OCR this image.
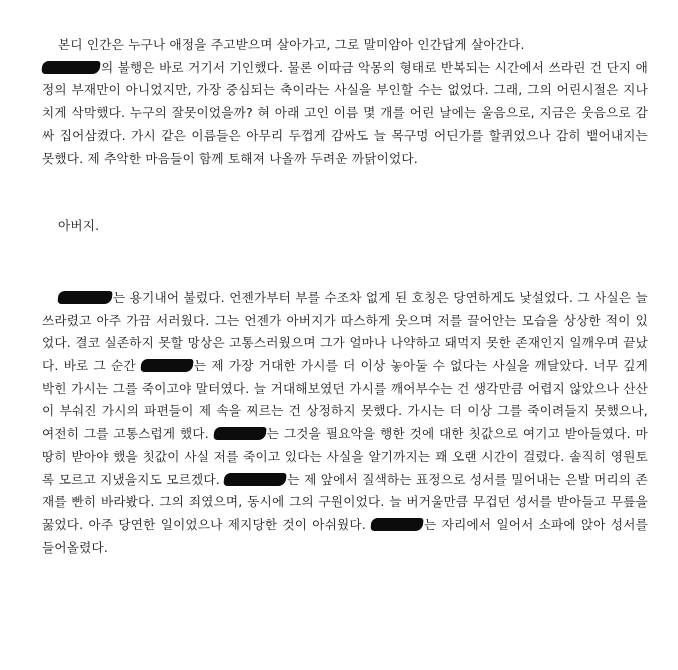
본디 인간은 누구나 애정을 주고받으며 살아가고, 그로 말미암아 인간답게 살아간다.
의 불행은 바로 거기서 기인했다. 물론 이따금 악몽의 형태로 반복되는 시간에서 쓰라린 건 단지 애정의 부재만이 아니었지만, 가장 중심되는 축이라는 사실을 부인할 수는 없었다. 그래, 그의 어린시절은 지나치게 삭막했다. 누구의 잘못이었을까? 혀 아래 고인 이름 몇 개를 어린 날에는 울음으로, 지금은 웃음으로 감싸 집어삼켰다. 가시 같은 이름들은 아무리 두껍게 감싸도 늘 목구멍 어딘가를 할퀴었으나 감히 뱉어내지는 못했다. 제 추악한 마음들이 함께 토해져 나올까 두려운 까닭이었다.

아버지.

는 용기내어 불렀다. 언젠가부터 부를 수조차 없게 된 호칭은 당연하게도 낯설었다. 그 사실은 늘 쓰라렸고 아주 가끔 서러웠다. 그는 언젠가 아버지가 따스하게 웃으며 저를 끌어안는 모습을 상상한 적이 있었다. 결코 실존하지 못할 망상은 고통스러웠으며 그가 얼마나 나약하고 돼먹지 못한 존재인지 일깨우며 끝났다. 바로 그 순간	는 제 가장 거대한 가시를 더 이상 놓아둘 수 없다는 사실을 깨달았다. 너무 깊게 박힌 가시는 그를 죽이고야 말터였다. 늘 거대해보였던 가시를 깨어부수는 건 생각만큼 어렵지 않았으나 산산이 부숴진 가시의 파편들이 제 속을 찌르는 건 상정하지 못했다. 가시는 더 이상 그를 죽이려들지 못했으나, 여전히 그를 고통스럽게 했다.	는 그것을 필요악을 행한 것에 대한 칫값으로 여기고 받아들였다. 마땅히 받아야 했을 칫값이 사실 저를 죽이고 있다는 사실을 알기까지는 꽤 오랜 시간이 걸렸다. 솔직히 영원토록 모르고 지냈을지도 모르겠다.	는 제 앞에서 질색하는 표정으로 성서를 밀어내는 은발 머리의 존재를 빤히 바라봤다. 그의 죄였으며, 동시에 그의 구원이었다. 늘 버거울만큼 무겁던 성서를 받아들고 무릎을 꿇었다. 아주 당연한 일이었으나 제지당한 것이 아쉬웠다.	는 자리에서 일어서 소파에 앉아 성서를 들어올렸다.
